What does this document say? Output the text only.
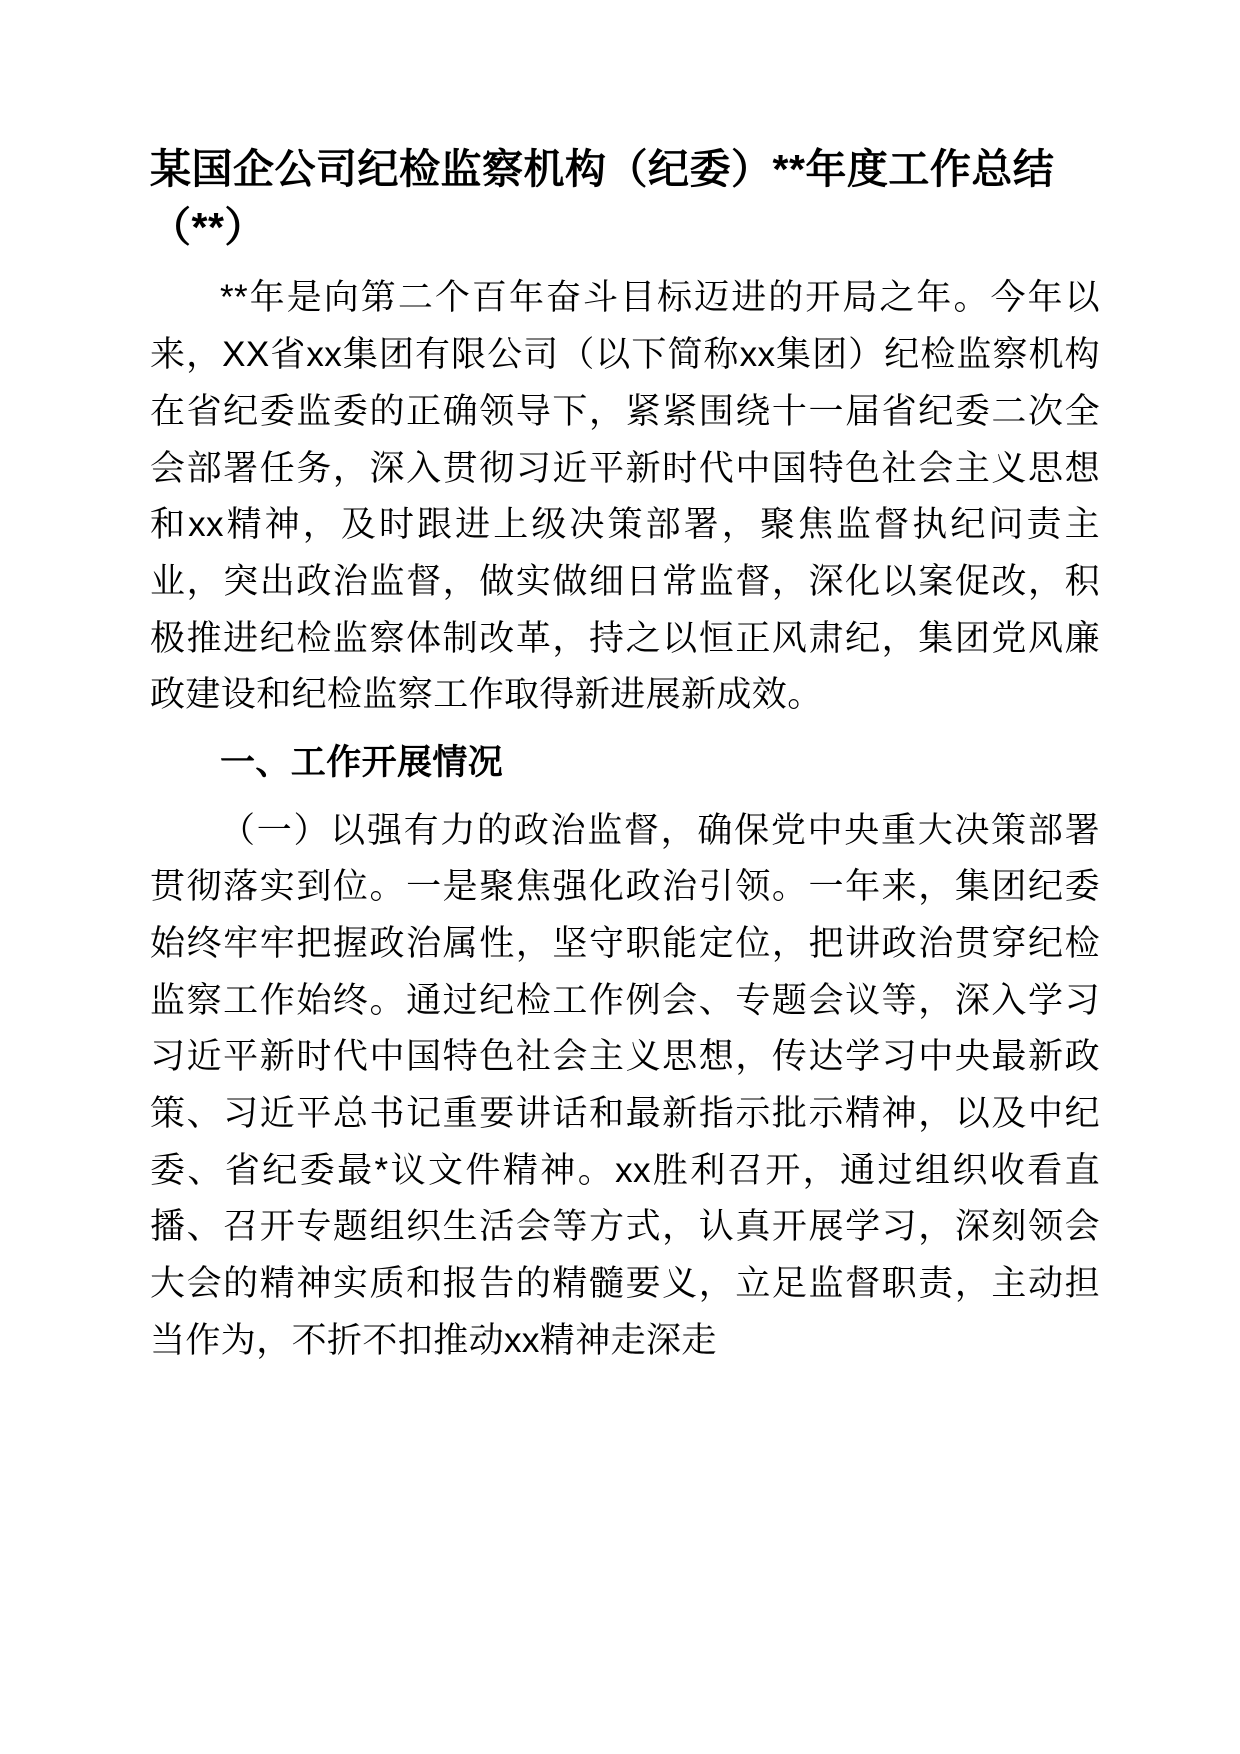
某国企公司纪检监察机构（纪委）**年度工作总结（**）

**年是向第二个百年奋斗目标迈进的开局之年。今年以来，XX省xx集团有限公司（以下简称xx集团）纪检监察机构在省纪委监委的正确领导下，紧紧围绕十一届省纪委二次全会部署任务，深入贯彻习近平新时代中国特色社会主义思想和xx精神，及时跟进上级决策部署，聚焦监督执纪问责主业，突出政治监督，做实做细日常监督，深化以案促改，积极推进纪检监察体制改革，持之以恒正风肃纪，集团党风廉政建设和纪检监察工作取得新进展新成效。

一、工作开展情况

（一）以强有力的政治监督，确保党中央重大决策部署贯彻落实到位。一是聚焦强化政治引领。一年来，集团纪委始终牢牢把握政治属性，坚守职能定位，把讲政治贯穿纪检监察工作始终。通过纪检工作例会、专题会议等，深入学习习近平新时代中国特色社会主义思想，传达学习中央最新政策、习近平总书记重要讲话和最新指示批示精神，以及中纪委、省纪委最*议文件精神。xx胜利召开，通过组织收看直播、召开专题组织生活会等方式，认真开展学习，深刻领会大会的精神实质和报告的精髓要义，立足监督职责，主动担当作为，不折不扣推动xx精神走深走
